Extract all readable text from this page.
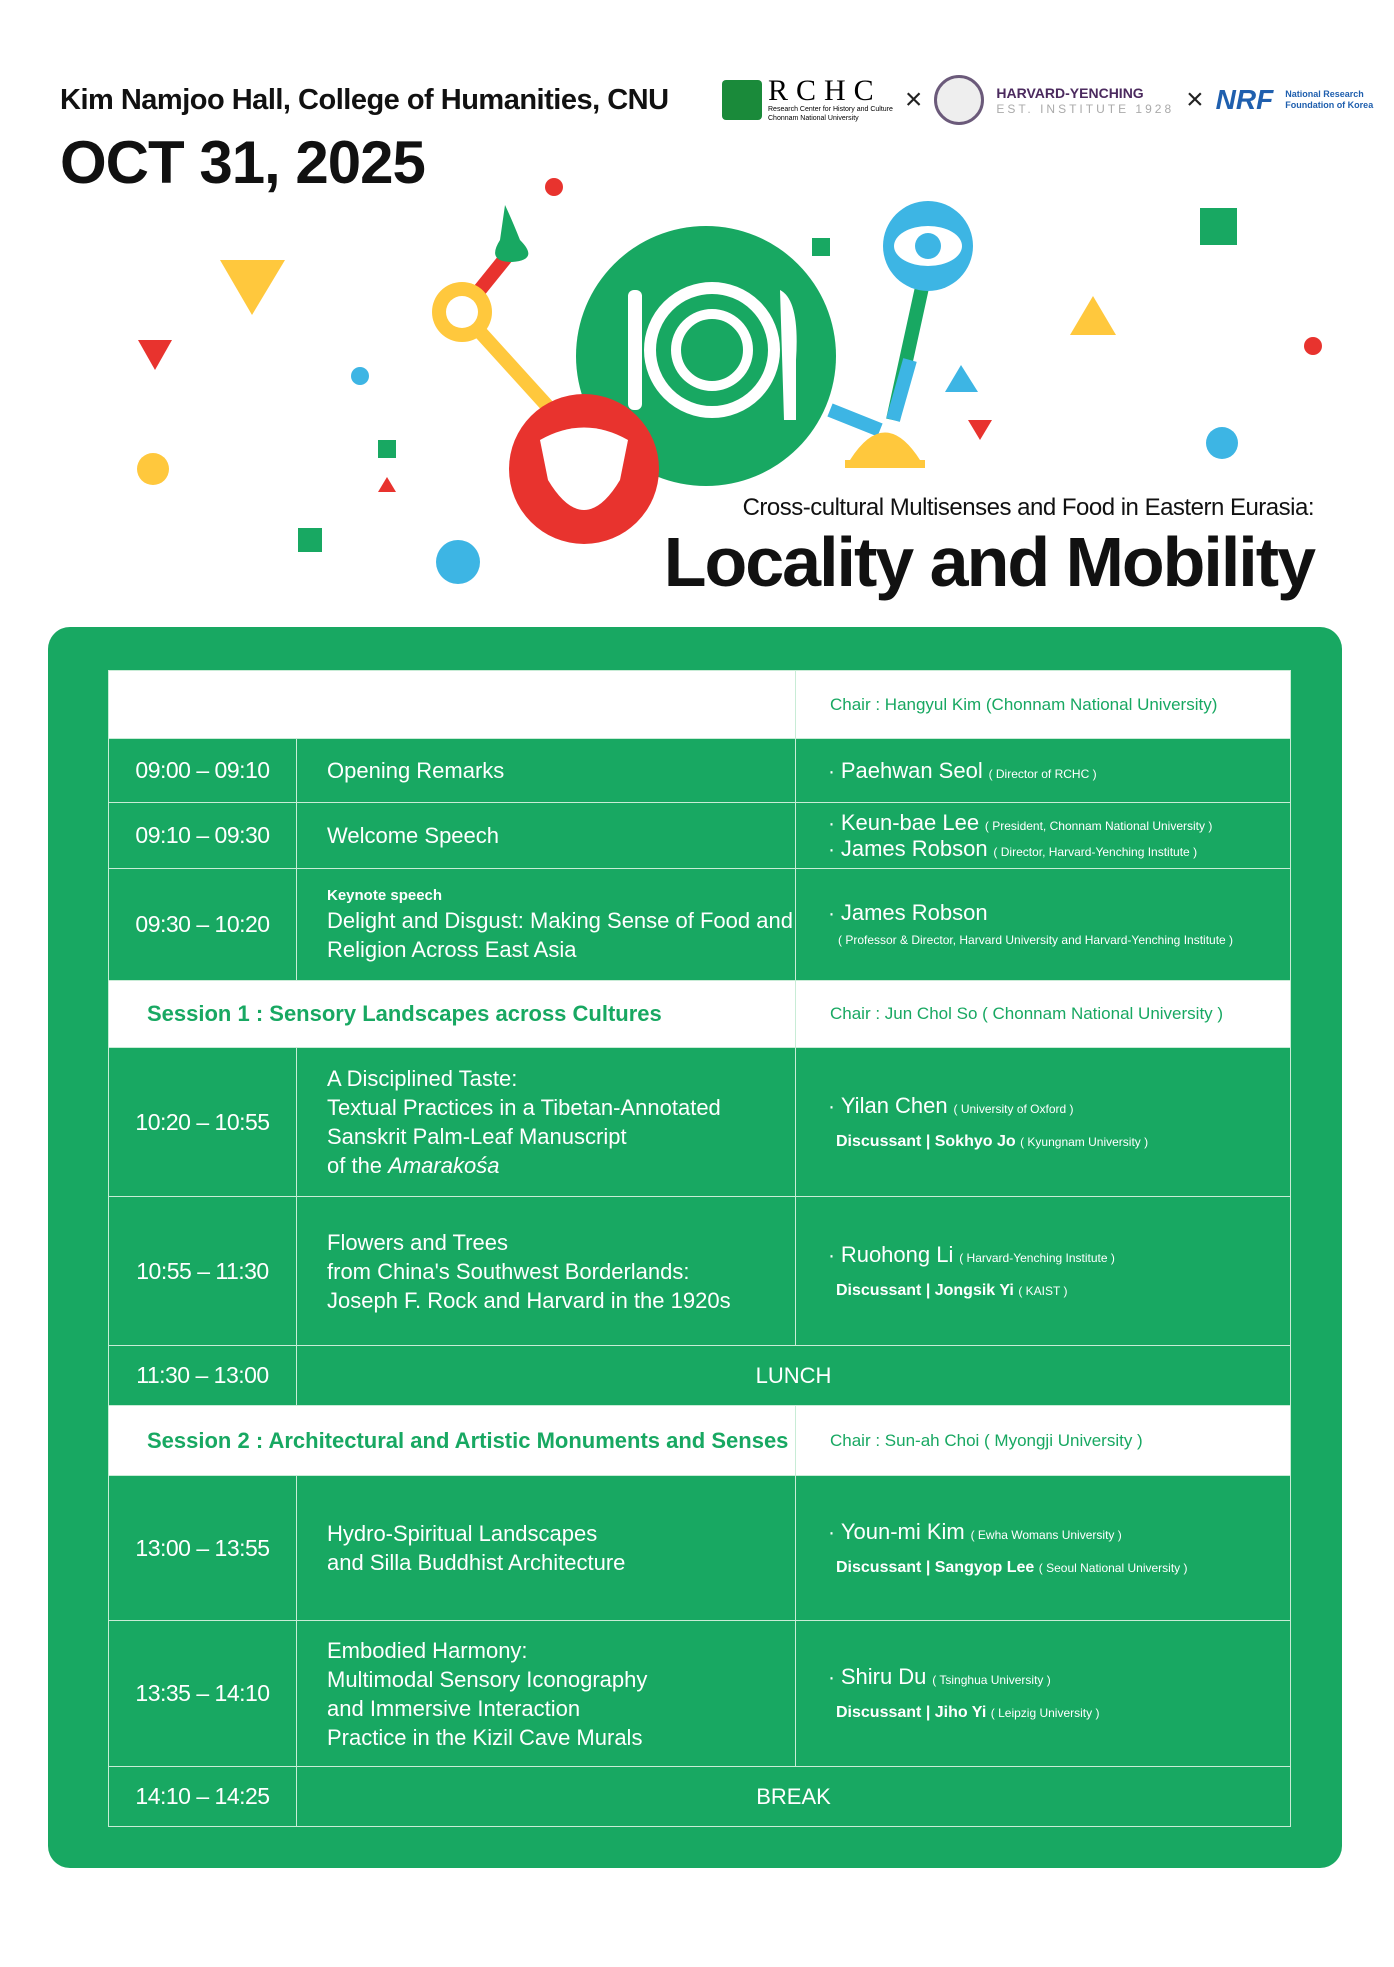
Kim Namjoo Hall, College of Humanities, CNU
OCT 31, 2025
RCHC
Research Center for History and Culture
Chonnam National University
×	HARVARD-YENCHING
EST. INSTITUTE 1928 × NRF National Research
Foundation of Korea
Cross-cultural Multisenses and Food in Eastern Eurasia:
Locality and Mobility
		Chair : Hangyul Kim (Chonnam National University)
09:00 – 09:10	Opening Remarks	· Paehwan Seol ( Director of RCHC )
09:10 – 09:30	Welcome Speech	· Keun-bae Lee ( President, Chonnam National University )
· James Robson ( Director, Harvard-Yenching Institute )
09:30 – 10:20	Keynote speech
Delight and Disgust: Making Sense of Food and Religion Across East Asia	· James Robson
( Professor & Director, Harvard University and Harvard-Yenching Institute )
Session 1 : Sensory Landscapes across Cultures		Chair : Jun Chol So ( Chonnam National University )
10:20 – 10:55	A Disciplined Taste:
Textual Practices in a Tibetan-Annotated
Sanskrit Palm-Leaf Manuscript
of the Amarakośa	· Yilan Chen ( University of Oxford )
Discussant | Sokhyo Jo ( Kyungnam University )
10:55 – 11:30	Flowers and Trees
from China's Southwest Borderlands:
Joseph F. Rock and Harvard in the 1920s	· Ruohong Li ( Harvard-Yenching Institute )
Discussant | Jongsik Yi ( KAIST )
11:30 – 13:00	LUNCH	
Session 2 : Architectural and Artistic Monuments and Senses		Chair : Sun-ah Choi ( Myongji University )
13:00 – 13:55	Hydro-Spiritual Landscapes
and Silla Buddhist Architecture	· Youn-mi Kim ( Ewha Womans University )
Discussant | Sangyop Lee ( Seoul National University )
13:35 – 14:10	Embodied Harmony:
Multimodal Sensory Iconography
and Immersive Interaction
Practice in the Kizil Cave Murals	· Shiru Du ( Tsinghua University )
Discussant | Jiho Yi ( Leipzig University )
14:10 – 14:25	BREAK	
